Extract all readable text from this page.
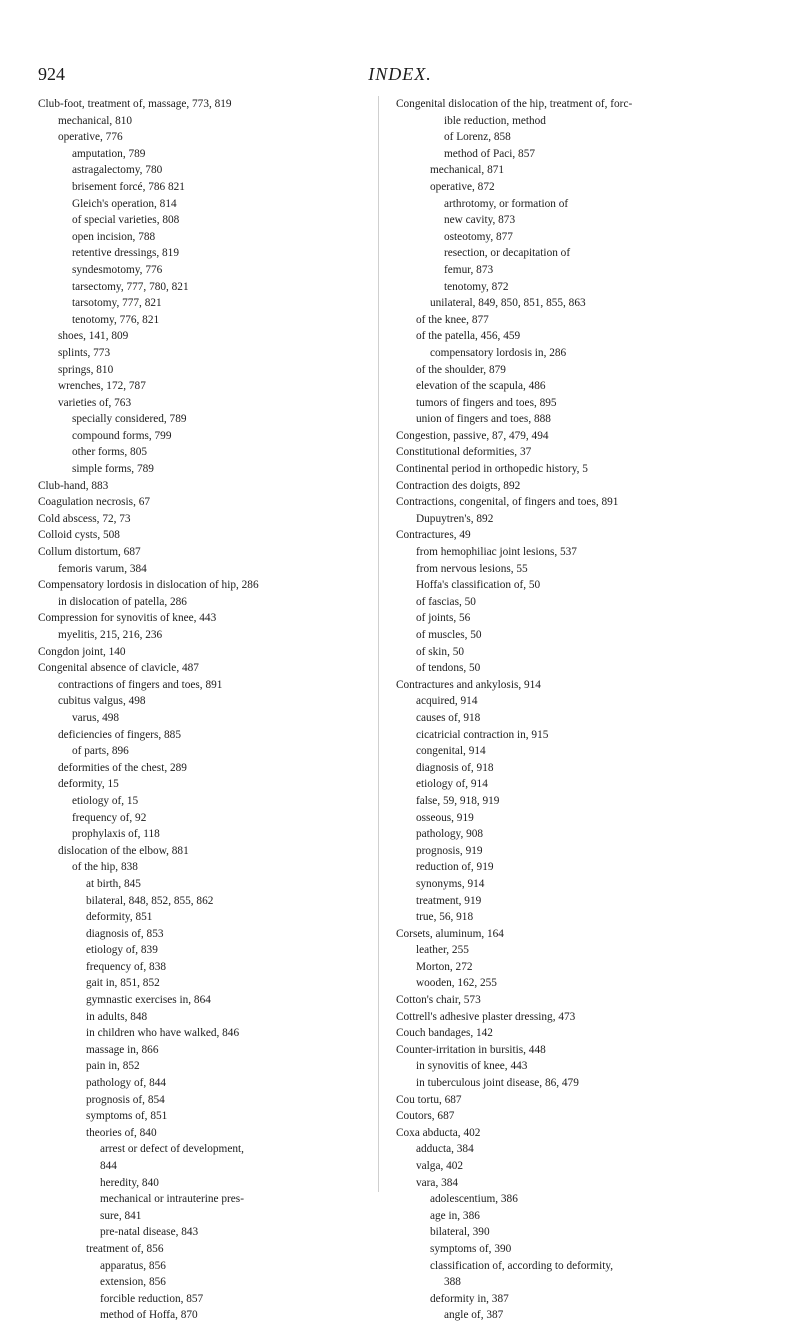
924	INDEX.
Club-foot, treatment of, massage, 773, 819
mechanical, 810
operative, 776
amputation, 789
astragalectomy, 780
brisement forcé, 786 821
Gleich's operation, 814
of special varieties, 808
open incision, 788
retentive dressings, 819
syndesmotomy, 776
tarsectomy, 777, 780, 821
tarsotomy, 777, 821
tenotomy, 776, 821
shoes, 141, 809
splints, 773
springs, 810
wrenches, 172, 787
varieties of, 763
specially considered, 789
compound forms, 799
other forms, 805
simple forms, 789
Club-hand, 883
Coagulation necrosis, 67
Cold abscess, 72, 73
Colloid cysts, 508
Collum distortum, 687
femoris varum, 384
Compensatory lordosis in dislocation of hip, 286
in dislocation of patella, 286
Compression for synovitis of knee, 443
myelitis, 215, 216, 236
Congdon joint, 140
Congenital absence of clavicle, 487
contractions of fingers and toes, 891
cubitus valgus, 498
varus, 498
deficiencies of fingers, 885
of parts, 896
deformities of the chest, 289
deformity, 15
etiology of, 15
frequency of, 92
prophylaxis of, 118
dislocation of the elbow, 881
of the hip, 838
at birth, 845
bilateral, 848, 852, 855, 862
deformity, 851
diagnosis of, 853
etiology of, 839
frequency of, 838
gait in, 851, 852
gymnastic exercises in, 864
in adults, 848
in children who have walked, 846
massage in, 866
pain in, 852
pathology of, 844
prognosis of, 854
symptoms of, 851
theories of, 840
arrest or defect of development,
844
heredity, 840
mechanical or intrauterine pres-
sure, 841
pre-natal disease, 843
treatment of, 856
apparatus, 856
extension, 856
forcible reduction, 857
method of Hoffa, 870
Congenital dislocation of the hip, treatment of, forc-
ible reduction, method
of Lorenz, 858
method of Paci, 857
mechanical, 871
operative, 872
arthrotomy, or formation of
new cavity, 873
osteotomy, 877
resection, or decapitation of
femur, 873
tenotomy, 872
unilateral, 849, 850, 851, 855, 863
of the knee, 877
of the patella, 456, 459
compensatory lordosis in, 286
of the shoulder, 879
elevation of the scapula, 486
tumors of fingers and toes, 895
union of fingers and toes, 888
Congestion, passive, 87, 479, 494
Constitutional deformities, 37
Continental period in orthopedic history, 5
Contraction des doigts, 892
Contractions, congenital, of fingers and toes, 891
Dupuytren's, 892
Contractures, 49
from hemophiliac joint lesions, 537
from nervous lesions, 55
Hoffa's classification of, 50
of fascias, 50
of joints, 56
of muscles, 50
of skin, 50
of tendons, 50
Contractures and ankylosis, 914
acquired, 914
causes of, 918
cicatricial contraction in, 915
congenital, 914
diagnosis of, 918
etiology of, 914
false, 59, 918, 919
osseous, 919
pathology, 908
prognosis, 919
reduction of, 919
synonyms, 914
treatment, 919
true, 56, 918
Corsets, aluminum, 164
leather, 255
Morton, 272
wooden, 162, 255
Cotton's chair, 573
Cottrell's adhesive plaster dressing, 473
Couch bandages, 142
Counter-irritation in bursitis, 448
in synovitis of knee, 443
in tuberculous joint disease, 86, 479
Cou tortu, 687
Coutors, 687
Coxa abducta, 402
adducta, 384
valga, 402
vara, 384
adolescentium, 386
age in, 386
bilateral, 390
symptoms of, 390
classification of, according to deformity,
388
deformity in, 387
angle of, 387
